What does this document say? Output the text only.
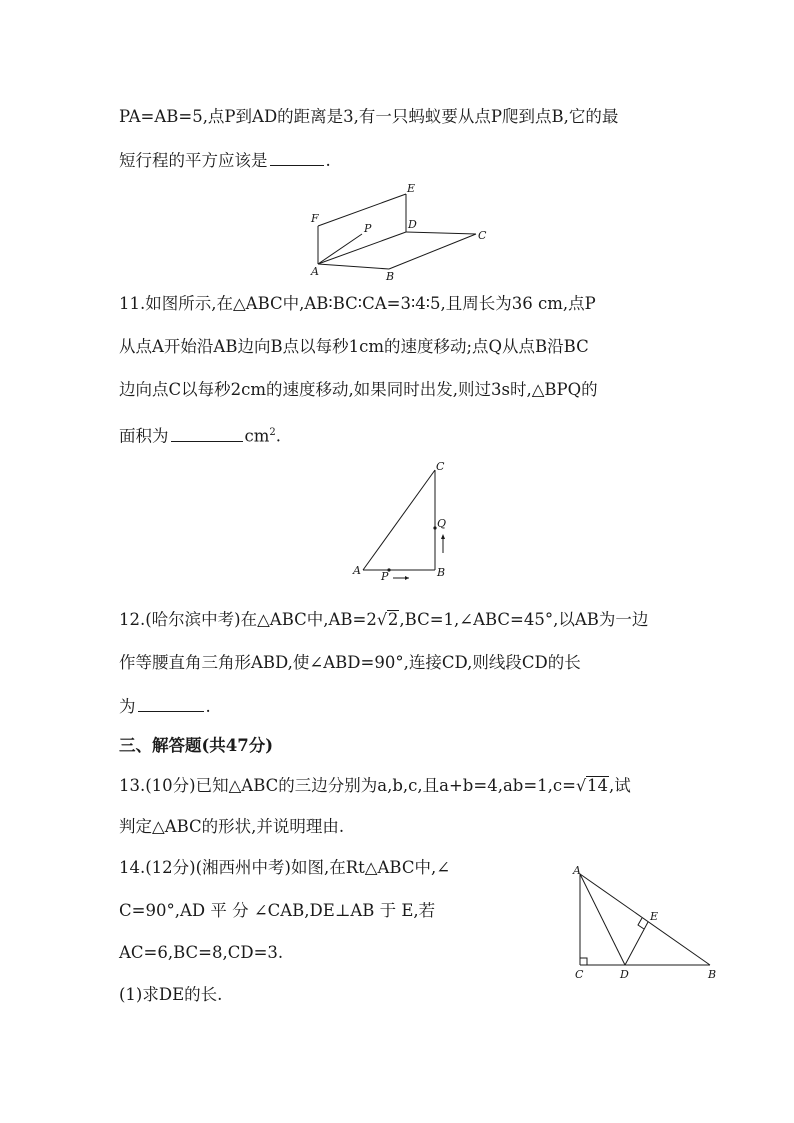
PA=AB=5,点P到AD的距离是3,有一只蚂蚁要从点P爬到点B,它的最
短行程的平方应该是	.
A	B
C
D
E
F
P
11.如图所示,在△ABC中,AB∶BC∶CA=3∶4∶5,且周长为36 cm,点P
从点A开始沿AB边向B点以每秒1cm的速度移动;点Q从点B沿BC
边向点C以每秒2cm的速度移动,如果同时出发,则过3s时,△BPQ的
面积为	$cm^2$.
A	B
C
P
Q
12.(哈尔滨中考)在△ABC中,AB=2 √ 2,BC=1,∠ABC=45°,以AB为一边
作等腰直角三角形ABD,使∠ABD=90°,连接CD,则线段CD的长
为	.
三、解答题(共47分)
13.(10分)已知△ABC的三边分别为a,b,c,且a+b=4,ab=1,c= √ 14,试
判定△ABC的形状,并说明理由.
14.(12分)(湘西州中考)如图,在Rt△ABC中,∠
C=90°,AD 平 分 ∠CAB,DE⊥AB 于 E,若
AC=6,BC=8,CD=3.
(1)求DE的长.
A
B
C	D
E
